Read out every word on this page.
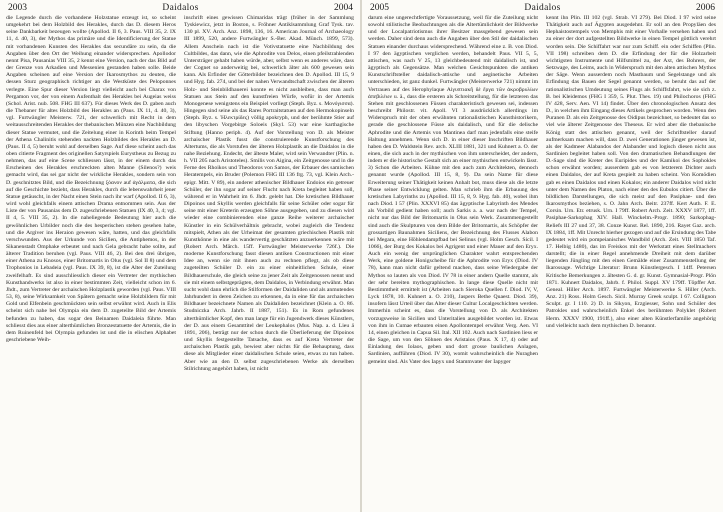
2003	Daidalos	2004

die Legende durch die vorhandene Holzstatue erzeugt ist, so scheint umgekehrt bei dem Holzbild des Herakles, durch das D. diesem Heros seine Dankbarkeit bezeugen wollte (Apollod. II 6, 3. Paus. VIII 35, 2. IX 11, 4. 40, 3), der Mythos das primäre und die Identificierung der Statue mit vorhandenen Kunsten des Herakles das secundäre zu sein, da die Angaben über den Ort der Weihung einander widersprechen. Apollodor nennt Pisa, Pausanias VIII 35, 2 kennt eine Version, nach der das Bild auf der Grenze von Arkadien und Messenien gestanden haben solle. Beide Angaben scheinen auf eine Version der Ikarosmythos zu deuten, die dessen Sturz geographisch richtiger an die Westküste des Peloponnes verlegte. Eine Spur dieser Version liegt vielleicht auch bei Charax von Pergamon vor, der von einem Aufenthalt des Herakles bei Augeias weiss (Schol. Arist. nub. 508. FHG III 637). Für dieses Werk des D. gaben auch die Thebaner für altes Holzbild des Herakles an (Paus. IX 11, 4. 40, 3), vgl. Furtwängler Meisterw. 721, der schwerlich mit Recht in dem weitausschreitenden Herakles der thebanischen Münzen eine Nachbildung dieser Statue vermutet, und die Zeitelung einer in Korinth beim Tempel der Athena Chalinitis stehenden nackten Holzbildes des Herakles an D. (Paus. II 4, 5) beruht wohl auf derselben Sage. Auf diese scheint auch das oben citierte Fragment des originellen Satyrspiels Eurystheus zu Bezug zu nehmen, das auf eine Scene schliessen lässt, in der einem durch das Erscheinen des Herakles erschreckten alten Manne (Silenos?) weis gemacht wird, das sei gar nicht der wirkliche Herakles, sondern sein von D. geschnitztes Bild, und die Bezeichnung ξόανον auf ἀγάλματα, die sich auf die Geschichte bezieht, dass Herakles, durch die lebenswahrheit jener Statue getäuscht, in der Nacht einen Stein nach ihr warf (Apollod. II 6, 3), wird wohl gleichfalls einem attischen Drama entnommen sein. Aus der Liste der von Pausanias dem D. zugeschriebenen Statuen (IX 40, 3, 4; vgl. II 4, 5. VIII 35, 2). In die naheliegende Bedeutung hier auch die gewöhnlichen Urbilder noch die des hesperischen stehen gesehen habe, und die Argiver ins Heraion gewesen wäre, hatten, und das gleichfalls verschwunden. Aus der Urkunde von Sicilien, die Antiphemos, in der Sikanenstadt Omphake erbeutet und nach Gela gebracht habe sollte, auf älterer Tradition beruhen (vgl. Paus. VIII 46, 2). Bei den drei übrigen, einer Athena zu Knosos, einer Britomartis in Olus (vgl. Sol II 8) und dem Trophonios in Lebadeia (vgl. Paus. IX 39, 8), ist die Alter der Zuteilung zweifelhaft. Es sind ausschliesslich dieser ein Vertreter der mythischen Kunsthandwerks ist also in einer bestimmten Zeit, vielleicht schon im 6. Jhdt., zum Vertreter der archaischen Holzplastik geworden (vgl. Paus. VIII 53, 8), seine Wirksamkeit von Spätern gemacht seine Holzbildern für mit Gold und Elfenbein geschmückten sein selbst erwähnt wird. Auch in Elis scheint sich nahe bei Olympia ein dem D. zugeteilte Bild der Artemis befunden zu haben, das sogar den Beinamen Daidaleia führte. Man schliesst dies aus einer alterthümlichen Bronzestatuette der Artemis, die in dem Ruinenfeld bei Olympia gefunden ist und die in elischen Alphabet geschriebene Weih-

inschrift eines gewissen Chimaridas trägt (früher in der Sammlung Tyskiewicz, jetzt in Boston, s. Fröhner Antiklsammlung Graf Tysk. tav. 130 pl. XV. Arch. Anz. 1898, 136, 16. American Journal of Archaeology III 1899, 520, andere Furtwängler S.-Ber. Akad. Münch. 1899, 573). Allem Anschein nach ist die Votivstatuette eine Nachbildung des Cultbildes, das dann, wie die Aphrodite von Delos, einen pfeilstrahlenden Untersträger gehabt haben würde, aber, selbst wenn es anderes wäre, dass der Cognet so anderweitig bei, schwerlich älter als 600 gewesen sein kann. Als Erfinder der Götterbilder bezeichnen den D. Apollod. III 15, 9 und Hyg. fab. 274, und bei der nahen Verwandtschaft zwischen der älteren Holz- und Steinbildhauerei konnte es nicht ausbleiben, dass man auch Statuen aus Stein auf den kunstfreien Würfe, wofür in der Artemis Monogenese wenigstens ein Beispiel vorliegt (Steph. Byz. s. Μονόγισσα). Hingegen sind seine als das Rares Portraitstatuen auf den Hermokopinseln (Steph. Byz. s. Ἠλεκτρίδες) völlig apokryph, und der berühmte Stier auf den libyschen Vorgebirge Soloeis (Skyl. 53) war eine karthagische Stiftung (Hanno periph. 4). Auf der Vorstellung von D. als Meister archaischer Plastik fusst die construierende Kunstforschung des Altertums, die als Vorstufen der älteren Holzplastik an die Daidalos in die nahe Beziehung. Endecht, der älteste Maler, wird sein Verwandter (Plin. n. h. VII 205 nach Aristoteles). Smilis von Aigina, ein Zeitgenosse und in die Ferne des Rhoikos und Theodoros von Samos, der Erbauer des samischen Heratempels, ein Bruder (Polemon FHG III 136 frg. 73, vgl. Klein Arch.-epigr. Mitt. V 89), ein anderer athenischer Bildhauer Endoios ein getreuer Schüler, der ihn sogar auf seiner Flucht nach Kreta begleitet haben soll, während er in Wahrheit im 6. Jhdt. gelebt hat. Die kretischen Bildhauer Dipoinos und Skyllis werden gleichfalls für seine Schüler oder sogar für seine mit einer Kreterin erzeugten Söhne ausgegeben, und zu diesen wird wieder eine combinierenden eine ganze Reihe weiterer archaischer Künstler in ein Schülverhältnis gebracht, wobei zugleich die Tendenz mitspielt, Athen als der Urheimat der gesamten griechischen Plastik mit Kunstkönne in eine als wandervertig geschätzten anzuerkennen wäre mit (Robert Arch. Märch. 15ff. Furtwängler Meisterwerke 726f.). Die moderne Kunstforschung fasst diesen antiken Constructionen mit einer Idee an, wenn sie mit ihnen auch zu rechnen pflegt, als ob diese zugeteilten Schüler D. ein zu einer einheitlichen Schule, einer Bildhauerschule, die gleich seine zu jener Zeit als Zeitgenossen nennt und sie mit einem selbstgeprägten, dem Daidalos, in Verbindung erwähnt. Man sucht wohl dann ehrlich die Stilformen der Daidaliden und als anmutendes Jahrhundert in deren Zeichen zu erkennen, da in eine für das archaischen Bildhauer bezeichnete Namen als Daidaliden bezeichnet (Klein a. O. 86. Studniczka Arch. Jahrb. II 1887, 151). Es in Rom gefundenes alterthümlicher Kopf, den man lange für ein Jugendwerk dieses Künstlers, der D. aus einem Gesamttitel der Leukephalos (Mus. Nap. a. d. Lieu ä 1891, 206), beträgt nur der schon durch die Überlieferung der Dipoinos und Skyllis festgestellte Tatsache, dass es auf Kreta Vertreter der archaischen Plastik gab, bewiest aber nichts für die Behauptung, dass diese als Mitglieder einer daidalischen Schule seien, etwas zu tun haben. Aber wie an den D. selbst zugeschriebenen Werke als derselben Stilrichtung angehört haben, ist nicht

2005	Daidalos	2006

darum eine ungerechtfertigte Voraussetzung, weil für die Zuteilung nicht sowohl stilistische Beobachtungen als die Altertümlichkeit der Bildwerke und der Localpatriotismus ihrer Besitzer massgebend gewesen sein werden. Daher sind denn auch die Angaben über den Stil der daidalischen Statuen einander durchaus widersprechend. Während eine z. B. von Diod. I 97 den ägyptischen verglichen werden, behandelt Paus. VII 5, 5, attischen, was nach V 25, 13 gleichbedeutend mit daidalisch ist, und ägyptisch als Gegensätze. Man welchen Gesichtspunkten die antiken Kunstschriftsteller daidalisch-attische und aeginetische Arbeiten unterschieden, ist ganz dunkel. Furtwängler (Meisterwerke 721) nimmt im Vertrauen auf des Herophylaque Αἰγυπτιακῆ δὲ ἔργα τῶν ἀκροβρυλίων ἀπεβιλέων u. ä., dass die ersteren als Schreitstellung, für die letzteren das Stehen mit geschlossenen Füssen charakteristisch gewesen sei, indessen beschreibt Philostr. vit. Apoll. VI 3 ausdrücklich allerdings im Widerspruch mit der oben erwähnten rationalistischen Kunsthistorikern, gerade die geschlossene Füsse als daidalisch, und für die delische Aphrodite und die Artemis von Mantinea darf man jedenfalls eine steife Haltung annehmen. Wenn sich D. in einer dieser Inschriften Bildhauer haben den D. Waldstein Rev. arch. XLIII 1881, 321 und Kuhnert a. O. der einen, die sich auch in der mythischen von ihm unterscheidet, der andern, indem er die historische Gestalt sich an einer mythischen entwickeln lässt. 3) Schon die Arbeiten. Kühne mit den auch zum Architekten, dennoch genannt wurde (Apollod. III 15, 8, 9). Da sein Name für diese Erweiterung seiner Thätigkeit keinen Anhalt bot, muss diese als die letzte Phase seiner Entwicklung gelten. Man schrieb ihm die Erbauung des kretischen Labyrinths zu (Apollod. III 15, 8, 9. Hyg. fab. 40), wobei ihm nach Diod. I 57 (Plin. XXXVI 85) das ägyptische Labyrinth des Mendes als Vorbild gedient haben soll; auch Sarkis a. a. war nach der Tempel, nicht nur das Bild der Britomartis in Olus sein Werk. Zusammengestellt sind auch die Skulpturen von dem Bilde der Britomartis, als Schöpfer der grossartigen Baunahmen Siciliens, der Bezeichnung des Flusses Alabon bei Megara, eine Höhlendampfbad bei Selinus (vgl. Holm Gesch. Sicil. I 1066), der Burg des Kokalos bei Agrigent und einer Mauer auf den Eryx. Auch ein wenig der ursprünglichen Charakter wahrt entsprechenden Werk, eine goldene Honigscheibe für die Aphrodite von Eryx (Diod. IV 78), kann man nicht dafür geltend machen, dass seine Wiedergabe der Mythos so lauten als von Diod. IV 78 in einer andern Quelle stammt, als der sehr bereiten mythographischen. In lange diese Quelle nicht mit Bestimmtheit ermittelt ist (Arbeiten nach Sieroka Quellen f. Diod. IV, V, Lyck 1878, 10. Kuhnert a. O. 210), Jaspers Bethe Quaest. Diod. 39), insofern lässt Urteil über das Alter dieser Cultur Localgeschichten werden. Immerhin scheint es, dass die Vorstellung von D. als Architekten vorzugsweise in Sicilien und Unteritalien ausgebildet worden ist. Etwas von ihm in Cumae erbauten einen Apollontempel erwähnt Verg. Aen. VI 14, einen gleichen in Capua Sil. Ital. XII 102. Auch nach Sardinien liess er die Sage, um von den Söhnen des Aristaios (Paus. X 17, 4) oder auf Einladung des Iolaos, geben und dort grosse baulichen Anlagen, Sardinien, aufführen (Diod. IV 30), womit wahrscheinlich die Nuraghen gemeint sind. Als Vater des Iapyx und Stammvater der Iapyger

kennt ihn Plin. III 102 (vgl. Strab. VI 279). Bei Diod. I 97 wird seine Thätigkeit auch auf Ägypten ausgedehnt. Er soll an den Propyläen des Hephaistostempels von Memphis mit einer Vorhalle versehen haben und zu einer der dort aufgestellten Bildwerke in einen Tempel göttlich verehrt worden sein. Die Schiffahrt war nur zum Schiff. ein oder Schiffen (Plin. VII 198) schreiben dem D. die Erfindung der für die Holzarbeit wichtigsten Instrumente und Hilfsmittel zu, der Axt, des Bohrers, der Setzwage, des Leims, auch in Widerspruch mit den alten attischen Mythos der Säge. Wenn ausserdem noch Mastbaum und Segelstange und als Erfindung das Bauen der Segel genannt werden, so beruht das auf der rationalistischen Umdeutung seines Flugs als Schiffsfahrt, wie sie sich z. B. bei Kleidemos (FHG I 359, 5. Plut. Thes. 19) und Philochoros (FHG IV 428, Serv. Aen. VI 14) findet. Über den chronologischen Ansatz des D., in welchen ihm Eingang dieses Artikels gesprochen worden. Wenn den Puranen D. als ein Zeitgenosse des Oidipus bezeichnet, so bedeutet das so viel wie älterer Zeitgenosse des Theseus. Er wird aber die thebanische König statt des attischen genannt, weil der Schriftsteller darauf aufmerksam machen will, dass D. zwei Generationen jünger gewesen ist, als der Kadmeer Alabandos der Alabander und logisch diesen nicht aus Sardinien begleitet haben soll. Von den dramatischen Behandlungen der D.-Sage sind die Kreter des Euripides und der Kamikoi des Sophokles schon erwähnt worden; ausserdem gab es von letzterem Dichter auch einen Daidalos, der auf Kreta gespielt zu haben scheint. Von Komödien gab es einen Daidalos und einen Kokalos; ein anderer Daidalos wird nicht unter dem Namen des Platon, nach einer den des Eubulos citiert. Über die bildlichen Darstellungen, die sich meist auf den Pasiphae- und den Ikarosmythos beziehen, s. O. Jahn Arch. Beitr. 237ff. Kert Auth. F. E. Corsin. Urn. Etr. etrusk. Urn. I 79ff. Robert Arch. Zeit. XXXV 1877, 1ff. Pasiphae-Sarkophag XIV. Hall. Winckelm.-Progr. 1890; Sarkophag-Reliefs III 27 und 37, 38. Conze Kunst. Rel. 1890, 216. Rayet Gaz. arch. IX 1884, 1ff. Mit Unrecht hierher gezogen und auf die Ersindung des Tabe gedeutet wird ein pompeianisches Wandbild (Arch. Zeit. VIII 1850 Taf. 17. Helbig 1480), das im Freiskos mit der Werkstatt eines Stellmachers darstellt; die in einer Regel annehmende Dreiheit mit dem darüber liegenden Jüngling mit den einen Gemälde einer Zusammenstellung der Ikarossage. Wichtige Literatur: Brunn Künstlergesch. I 14ff. Petersen Kritische Bemerkungen z. ältesten G. d. gr. Kunst. Gymnasial-Progr. Plön 1871. Kuhnert Daidalos, Jahrb. f. Philol. Suppl. XV 179ff. Töpffer Att. Geneal. Hiller Arch. 1897. Furtwängler Meisterwerke S. Hiller (Arch. Anz. 21) Ross. Holm Gesch. Sicil. Murray Greek sculpt. I 67. Collignon Sculpt. gr. I 110. 2) D. in Sikyon, Erzgiesser, Sohn und Schüler des Patrokles und wahrscheinlich Enkel des berühmten Polyklet (Robert Herm. XXXV 1900, 191ff.), also einer alten Künstlerfamilie angehörig und vielleicht nach dem mythischen D. benannt.
